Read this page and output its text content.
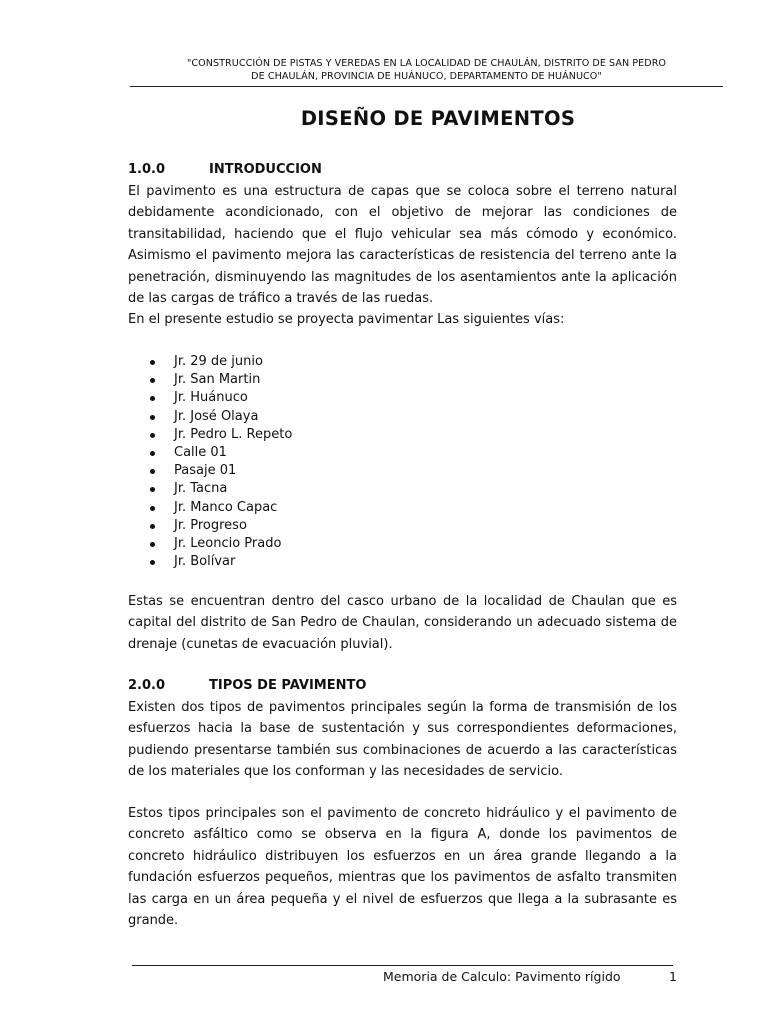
"CONSTRUCCIÓN DE PISTAS Y VEREDAS EN LA LOCALIDAD DE CHAULÁN, DISTRITO DE SAN PEDRO
DE CHAULÁN, PROVINCIA DE HUÁNUCO, DEPARTAMENTO DE HUÁNUCO"
DISEÑO DE PAVIMENTOS
1.0.0	INTRODUCCION
El pavimento es una estructura de capas que se coloca sobre el terreno natural
debidamente acondicionado, con el objetivo de mejorar las condiciones de
transitabilidad, haciendo que el flujo vehicular sea más cómodo y económico.
Asimismo el pavimento mejora las características de resistencia del terreno ante la
penetración, disminuyendo las magnitudes de los asentamientos ante la aplicación
de las cargas de tráfico a través de las ruedas.
En el presente estudio se proyecta pavimentar Las siguientes vías:
Jr. 29 de junio
Jr. San Martin
Jr. Huánuco
Jr. José Olaya
Jr. Pedro L. Repeto
Calle 01
Pasaje 01
Jr. Tacna
Jr. Manco Capac
Jr. Progreso
Jr. Leoncio Prado
Jr. Bolívar
Estas se encuentran dentro del casco urbano de la localidad de Chaulan que es
capital del distrito de San Pedro de Chaulan, considerando un adecuado sistema de
drenaje (cunetas de evacuación pluvial).
2.0.0	TIPOS DE PAVIMENTO
Existen dos tipos de pavimentos principales según la forma de transmisión de los
esfuerzos hacia la base de sustentación y sus correspondientes deformaciones,
pudiendo presentarse también sus combinaciones de acuerdo a las características
de los materiales que los conforman y las necesidades de servicio.
Estos tipos principales son el pavimento de concreto hidráulico y el pavimento de
concreto asfáltico como se observa en la figura A, donde los pavimentos de
concreto hidráulico distribuyen los esfuerzos en un área grande llegando a la
fundación esfuerzos pequeños, mientras que los pavimentos de asfalto transmiten
las carga en un área pequeña y el nivel de esfuerzos que llega a la subrasante es
grande.
Memoria de Calculo: Pavimento rígido	1
